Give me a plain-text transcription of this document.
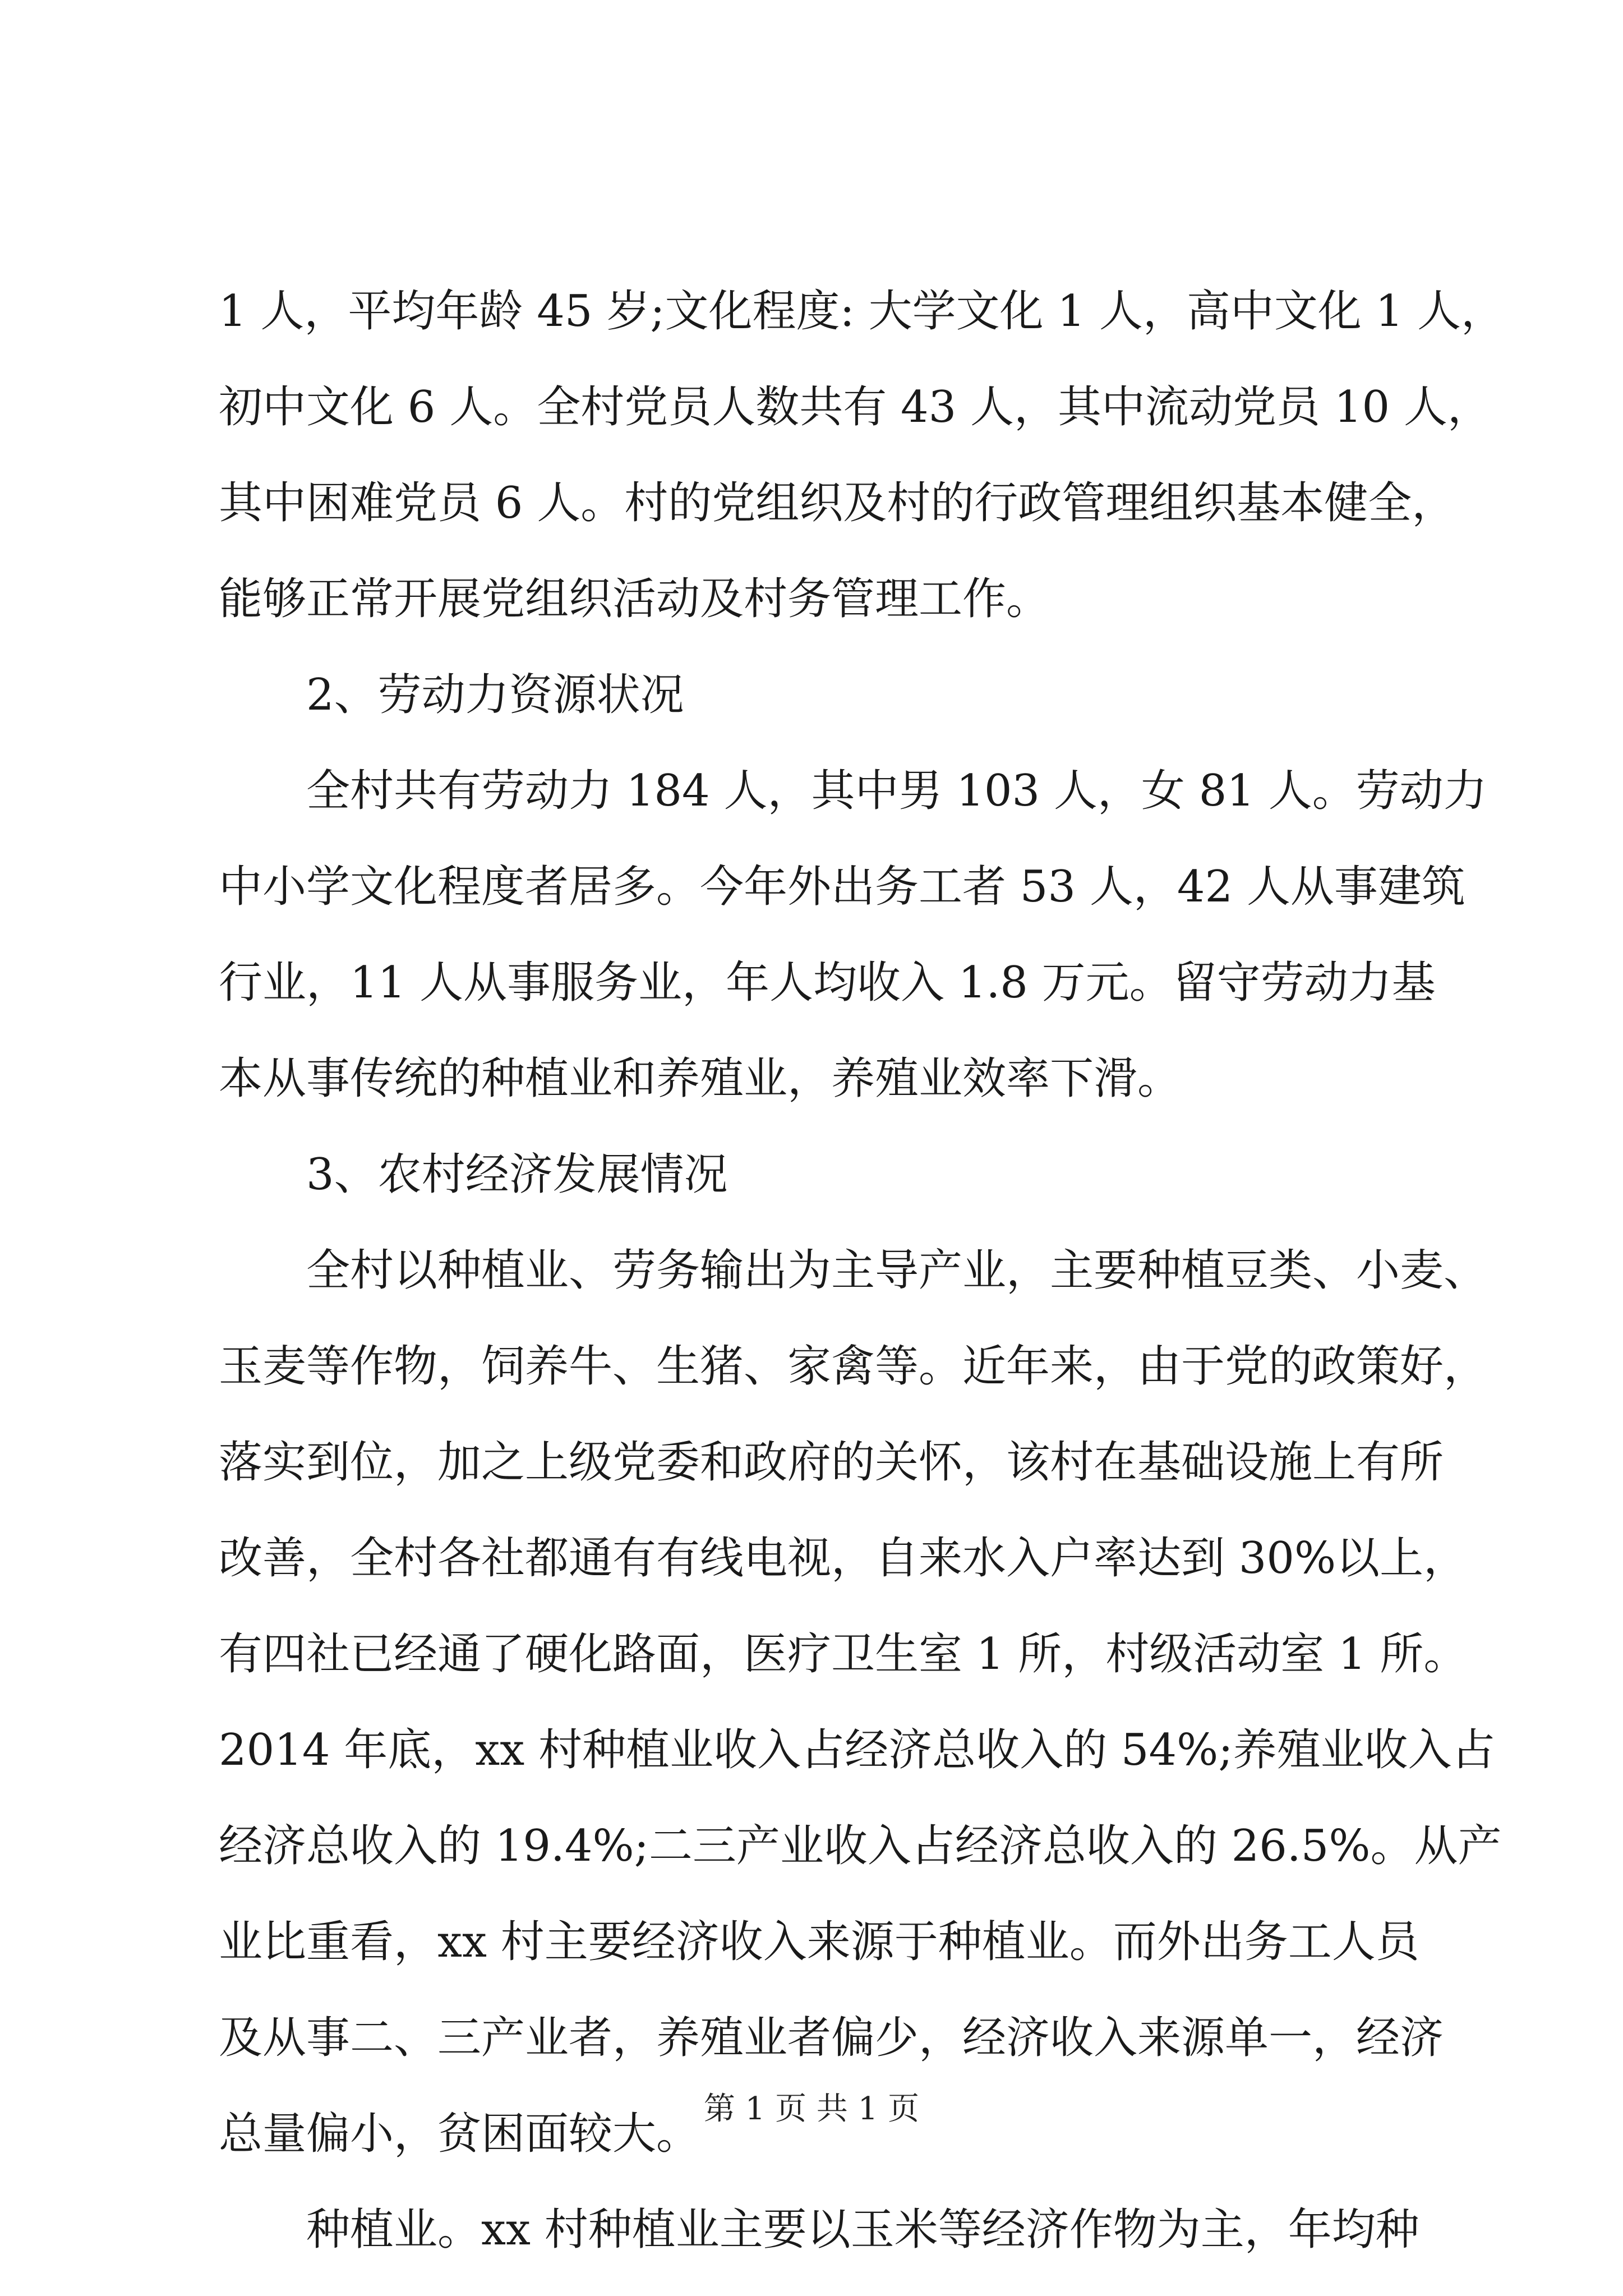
1 人，平均年龄 45 岁;文化程度: 大学文化 1 人，高中文化 1 人，
初中文化 6 人。全村党员人数共有 43 人，其中流动党员 10 人，
其中困难党员 6 人。村的党组织及村的行政管理组织基本健全，
能够正常开展党组织活动及村务管理工作。
2、劳动力资源状况
全村共有劳动力 184 人，其中男 103 人，女 81 人。劳动力
中小学文化程度者居多。今年外出务工者 53 人，42 人从事建筑
行业，11 人从事服务业，年人均收入 1.8 万元。留守劳动力基
本从事传统的种植业和养殖业，养殖业效率下滑。
3、农村经济发展情况
全村以种植业、劳务输出为主导产业，主要种植豆类、小麦、
玉麦等作物，饲养牛、生猪、家禽等。近年来，由于党的政策好，
落实到位，加之上级党委和政府的关怀，该村在基础设施上有所
改善，全村各社都通有有线电视，自来水入户率达到 30%以上，
有四社已经通了硬化路面，医疗卫生室 1 所，村级活动室 1 所。
2014 年底，xx 村种植业收入占经济总收入的 54%;养殖业收入占
经济总收入的 19.4%;二三产业收入占经济总收入的 26.5%。从产
业比重看，xx 村主要经济收入来源于种植业。而外出务工人员
及从事二、三产业者，养殖业者偏少，经济收入来源单一，经济
总量偏小，贫困面较大。
种植业。xx 村种植业主要以玉米等经济作物为主，年均种
第 1 页 共 1 页
